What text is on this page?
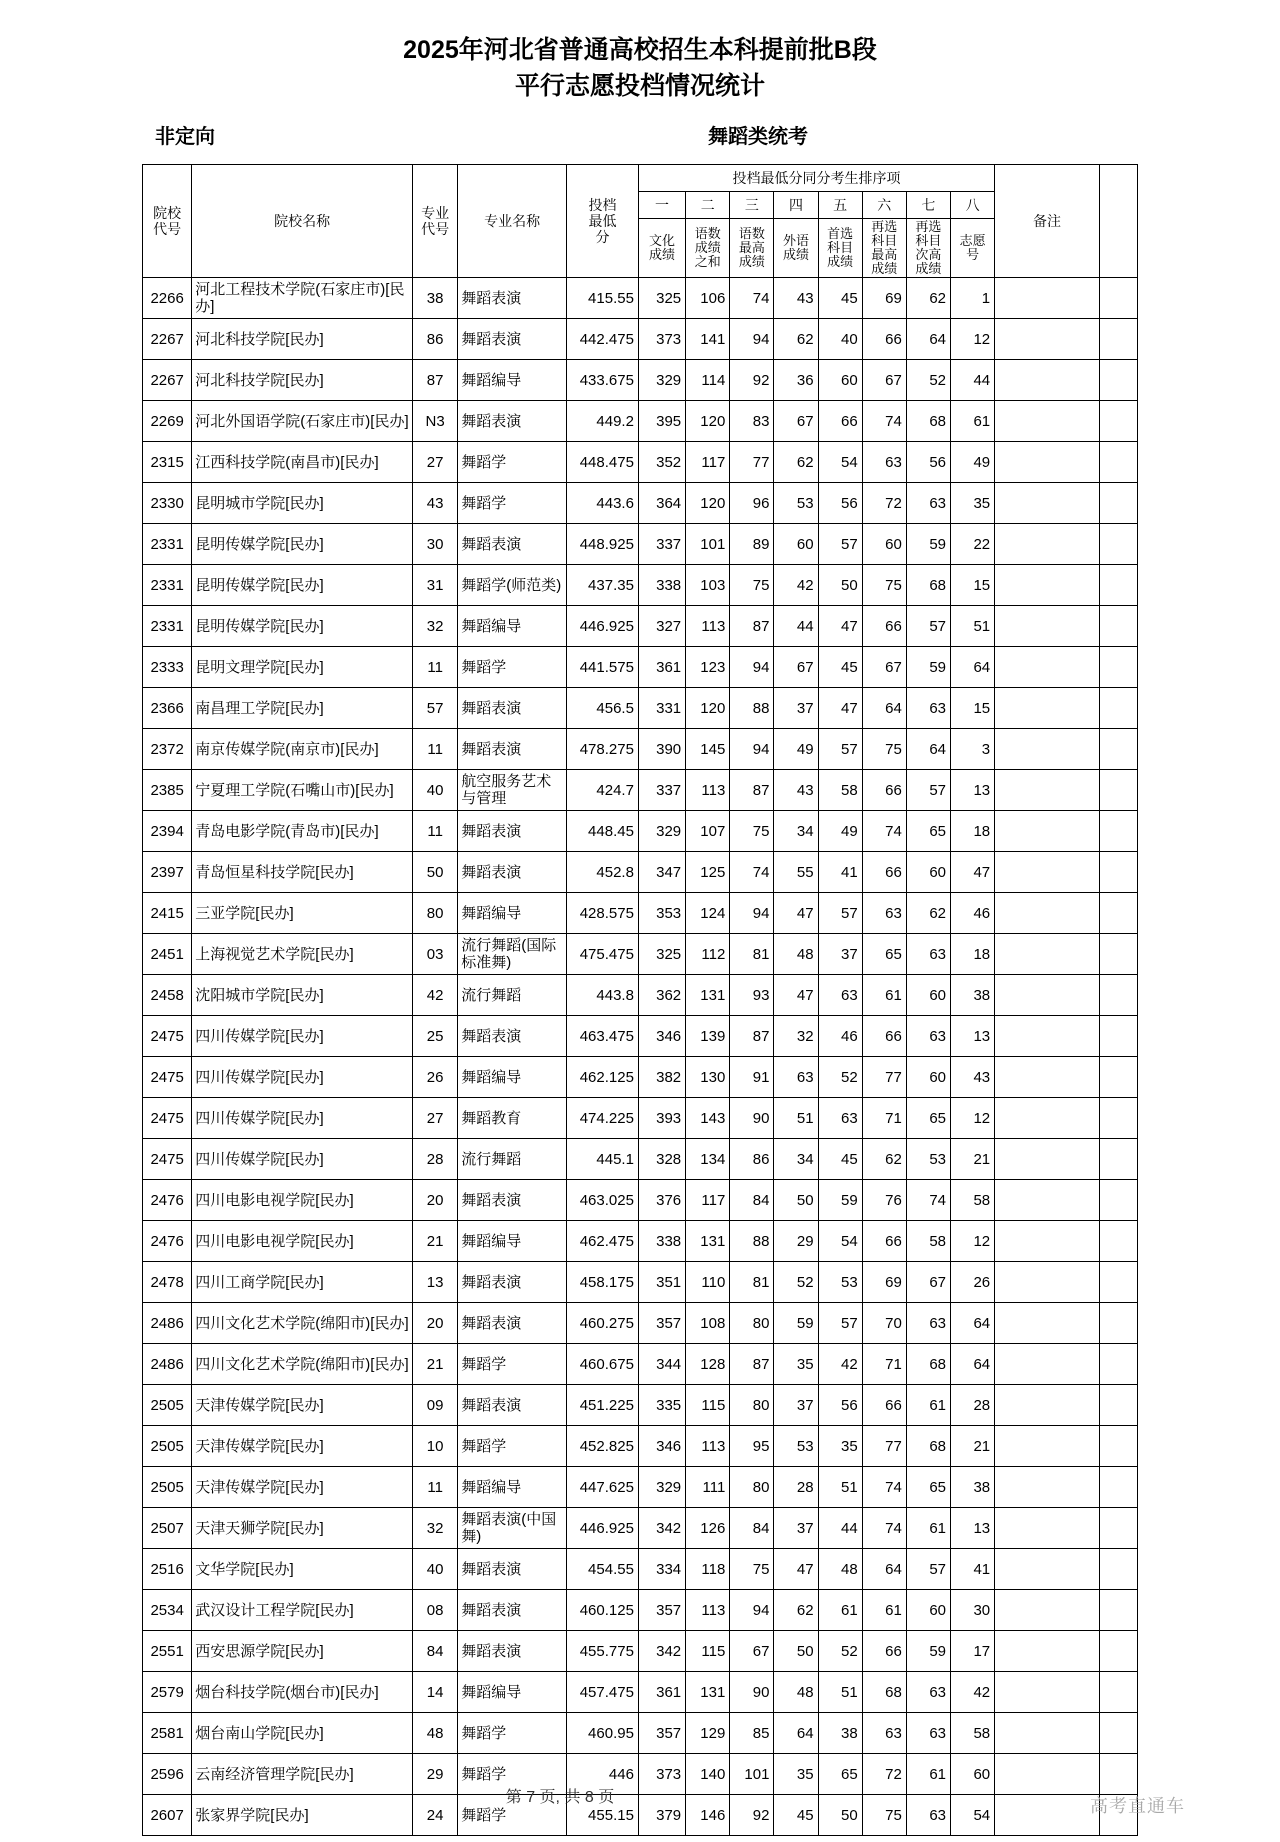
2025年河北省普通高校招生本科提前批B段
平行志愿投档情况统计
非定向	舞蹈类统考
院校代号	院校名称	专业代号	专业名称	投档最低分	投档最低分同分考生排序项								备注	
					一	二	三	四	五	六	七	八		
					文化成绩	语数成绩之和	语数最高成绩	外语成绩	首选科目成绩	再选科目最高成绩	再选科目次高成绩	志愿号		
2266	河北工程技术学院(石家庄市)[民办]	38	舞蹈表演	415.55	325	106	74	43	45	69	62	1		
2267	河北科技学院[民办]	86	舞蹈表演	442.475	373	141	94	62	40	66	64	12		
2267	河北科技学院[民办]	87	舞蹈编导	433.675	329	114	92	36	60	67	52	44		
2269	河北外国语学院(石家庄市)[民办]	N3	舞蹈表演	449.2	395	120	83	67	66	74	68	61		
2315	江西科技学院(南昌市)[民办]	27	舞蹈学	448.475	352	117	77	62	54	63	56	49		
2330	昆明城市学院[民办]	43	舞蹈学	443.6	364	120	96	53	56	72	63	35		
2331	昆明传媒学院[民办]	30	舞蹈表演	448.925	337	101	89	60	57	60	59	22		
2331	昆明传媒学院[民办]	31	舞蹈学(师范类)	437.35	338	103	75	42	50	75	68	15		
2331	昆明传媒学院[民办]	32	舞蹈编导	446.925	327	113	87	44	47	66	57	51		
2333	昆明文理学院[民办]	11	舞蹈学	441.575	361	123	94	67	45	67	59	64		
2366	南昌理工学院[民办]	57	舞蹈表演	456.5	331	120	88	37	47	64	63	15		
2372	南京传媒学院(南京市)[民办]	11	舞蹈表演	478.275	390	145	94	49	57	75	64	3		
2385	宁夏理工学院(石嘴山市)[民办]	40	航空服务艺术与管理	424.7	337	113	87	43	58	66	57	13		
2394	青岛电影学院(青岛市)[民办]	11	舞蹈表演	448.45	329	107	75	34	49	74	65	18		
2397	青岛恒星科技学院[民办]	50	舞蹈表演	452.8	347	125	74	55	41	66	60	47		
2415	三亚学院[民办]	80	舞蹈编导	428.575	353	124	94	47	57	63	62	46		
2451	上海视觉艺术学院[民办]	03	流行舞蹈(国际标准舞)	475.475	325	112	81	48	37	65	63	18		
2458	沈阳城市学院[民办]	42	流行舞蹈	443.8	362	131	93	47	63	61	60	38		
2475	四川传媒学院[民办]	25	舞蹈表演	463.475	346	139	87	32	46	66	63	13		
2475	四川传媒学院[民办]	26	舞蹈编导	462.125	382	130	91	63	52	77	60	43		
2475	四川传媒学院[民办]	27	舞蹈教育	474.225	393	143	90	51	63	71	65	12		
2475	四川传媒学院[民办]	28	流行舞蹈	445.1	328	134	86	34	45	62	53	21		
2476	四川电影电视学院[民办]	20	舞蹈表演	463.025	376	117	84	50	59	76	74	58		
2476	四川电影电视学院[民办]	21	舞蹈编导	462.475	338	131	88	29	54	66	58	12		
2478	四川工商学院[民办]	13	舞蹈表演	458.175	351	110	81	52	53	69	67	26		
2486	四川文化艺术学院(绵阳市)[民办]	20	舞蹈表演	460.275	357	108	80	59	57	70	63	64		
2486	四川文化艺术学院(绵阳市)[民办]	21	舞蹈学	460.675	344	128	87	35	42	71	68	64		
2505	天津传媒学院[民办]	09	舞蹈表演	451.225	335	115	80	37	56	66	61	28		
2505	天津传媒学院[民办]	10	舞蹈学	452.825	346	113	95	53	35	77	68	21		
2505	天津传媒学院[民办]	11	舞蹈编导	447.625	329	111	80	28	51	74	65	38		
2507	天津天狮学院[民办]	32	舞蹈表演(中国舞)	446.925	342	126	84	37	44	74	61	13		
2516	文华学院[民办]	40	舞蹈表演	454.55	334	118	75	47	48	64	57	41		
2534	武汉设计工程学院[民办]	08	舞蹈表演	460.125	357	113	94	62	61	61	60	30		
2551	西安思源学院[民办]	84	舞蹈表演	455.775	342	115	67	50	52	66	59	17		
2579	烟台科技学院(烟台市)[民办]	14	舞蹈编导	457.475	361	131	90	48	51	68	63	42		
2581	烟台南山学院[民办]	48	舞蹈学	460.95	357	129	85	64	38	63	63	58		
2596	云南经济管理学院[民办]	29	舞蹈学	446	373	140	101	35	65	72	61	60		
2607	张家界学院[民办]	24	舞蹈学	455.15	379	146	92	45	50	75	63	54		
第 7 页, 共 8 页	高考直通车
